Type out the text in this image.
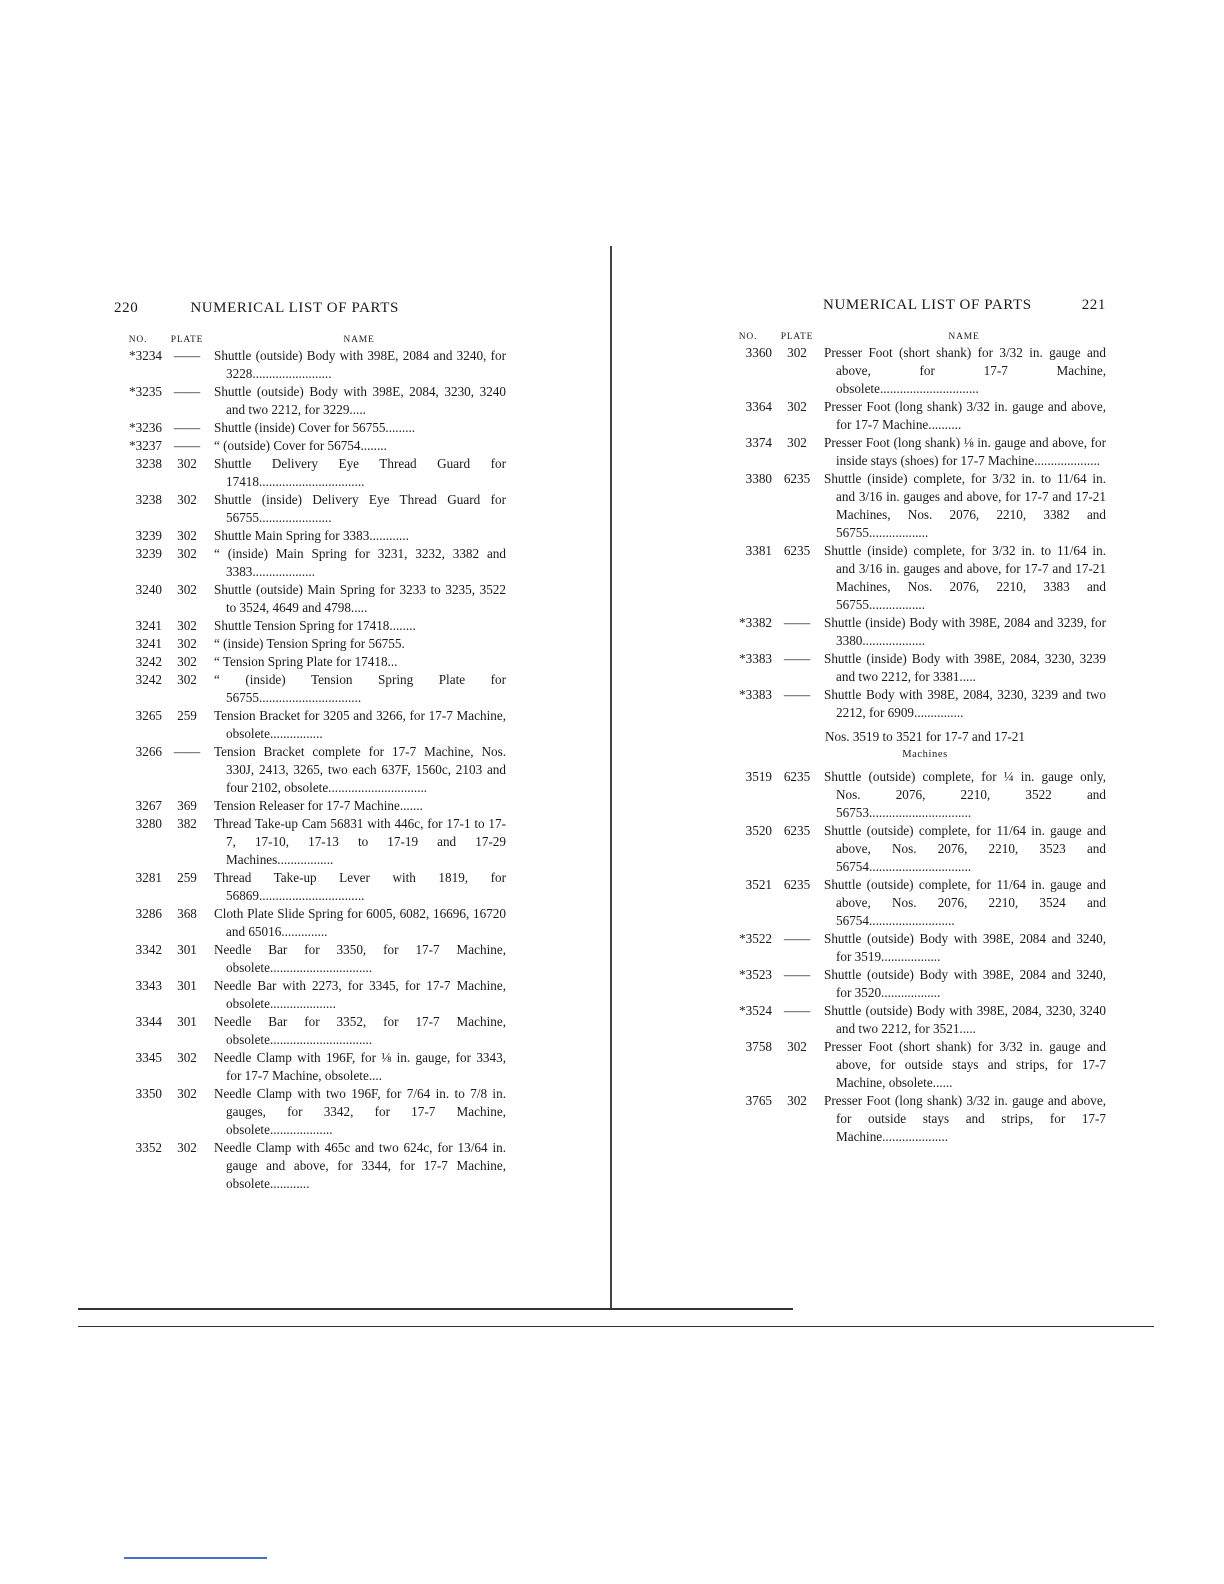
220	NUMERICAL LIST OF PARTS
NO.	PLATE	NAME
*3234 ——	Shuttle (outside) Body with 398E, 2084 and 3240, for 3228........................
*3235 ——	Shuttle (outside) Body with 398E, 2084, 3230, 3240 and two 2212, for 3229.....
*3236 ——	Shuttle (inside) Cover for 56755.........
*3237 ——	“ (outside) Cover for 56754........
3238	302	Shuttle Delivery Eye Thread Guard for 17418................................
3238	302	Shuttle (inside) Delivery Eye Thread Guard for 56755......................
3239	302	Shuttle Main Spring for 3383............
3239	302	“ (inside) Main Spring for 3231, 3232, 3382 and 3383...................
3240	302	Shuttle (outside) Main Spring for 3233 to 3235, 3522 to 3524, 4649 and 4798.....
3241	302	Shuttle Tension Spring for 17418........
3241	302	“ (inside) Tension Spring for 56755.
3242	302	“ Tension Spring Plate for 17418...
3242	302	“ (inside) Tension Spring Plate for 56755...............................
3265	259	Tension Bracket for 3205 and 3266, for 17-7 Machine, obsolete................
3266 ——	Tension Bracket complete for 17-7 Machine, Nos. 330J, 2413, 3265, two each 637F, 1560c, 2103 and four 2102, obsolete..............................
3267	369	Tension Releaser for 17-7 Machine.......
3280	382	Thread Take-up Cam 56831 with 446c, for 17-1 to 17-7, 17-10, 17-13 to 17-19 and 17-29 Machines.................
3281	259	Thread Take-up Lever with 1819, for 56869................................
3286	368	Cloth Plate Slide Spring for 6005, 6082, 16696, 16720 and 65016..............
3342	301	Needle Bar for 3350, for 17-7 Machine, obsolete...............................
3343	301	Needle Bar with 2273, for 3345, for 17-7 Machine, obsolete....................
3344	301	Needle Bar for 3352, for 17-7 Machine, obsolete...............................
3345	302	Needle Clamp with 196F, for ⅛ in. gauge, for 3343, for 17-7 Machine, obsolete....
3350	302	Needle Clamp with two 196F, for 7/64 in. to 7/8 in. gauges, for 3342, for 17-7 Machine, obsolete...................
3352	302	Needle Clamp with 465c and two 624c, for 13/64 in. gauge and above, for 3344, for 17-7 Machine, obsolete............
NUMERICAL LIST OF PARTS	221
NO.	PLATE	NAME
3360	302	Presser Foot (short shank) for 3/32 in. gauge and above, for 17-7 Machine, obsolete..............................
3364	302	Presser Foot (long shank) 3/32 in. gauge and above, for 17-7 Machine..........
3374	302	Presser Foot (long shank) ⅛ in. gauge and above, for inside stays (shoes) for 17-7 Machine....................
3380 6235	Shuttle (inside) complete, for 3/32 in. to 11/64 in. and 3/16 in. gauges and above, for 17-7 and 17-21 Machines, Nos. 2076, 2210, 3382 and 56755..................
3381 6235	Shuttle (inside) complete, for 3/32 in. to 11/64 in. and 3/16 in. gauges and above, for 17-7 and 17-21 Machines, Nos. 2076, 2210, 3383 and 56755.................
*3382 ——	Shuttle (inside) Body with 398E, 2084 and 3239, for 3380...................
*3383 ——	Shuttle (inside) Body with 398E, 2084, 3230, 3239 and two 2212, for 3381.....
*3383 ——	Shuttle Body with 398E, 2084, 3230, 3239 and two 2212, for 6909...............
Nos. 3519 to 3521 for 17-7 and 17-21
Machines
3519 6235	Shuttle (outside) complete, for ¼ in. gauge only, Nos. 2076, 2210, 3522 and 56753...............................
3520 6235	Shuttle (outside) complete, for 11/64 in. gauge and above, Nos. 2076, 2210, 3523 and 56754...............................
3521 6235	Shuttle (outside) complete, for 11/64 in. gauge and above, Nos. 2076, 2210, 3524 and 56754..........................
*3522 ——	Shuttle (outside) Body with 398E, 2084 and 3240, for 3519..................
*3523 ——	Shuttle (outside) Body with 398E, 2084 and 3240, for 3520..................
*3524 ——	Shuttle (outside) Body with 398E, 2084, 3230, 3240 and two 2212, for 3521.....
3758	302	Presser Foot (short shank) for 3/32 in. gauge and above, for outside stays and strips, for 17-7 Machine, obsolete......
3765	302	Presser Foot (long shank) 3/32 in. gauge and above, for outside stays and strips, for 17-7 Machine....................
